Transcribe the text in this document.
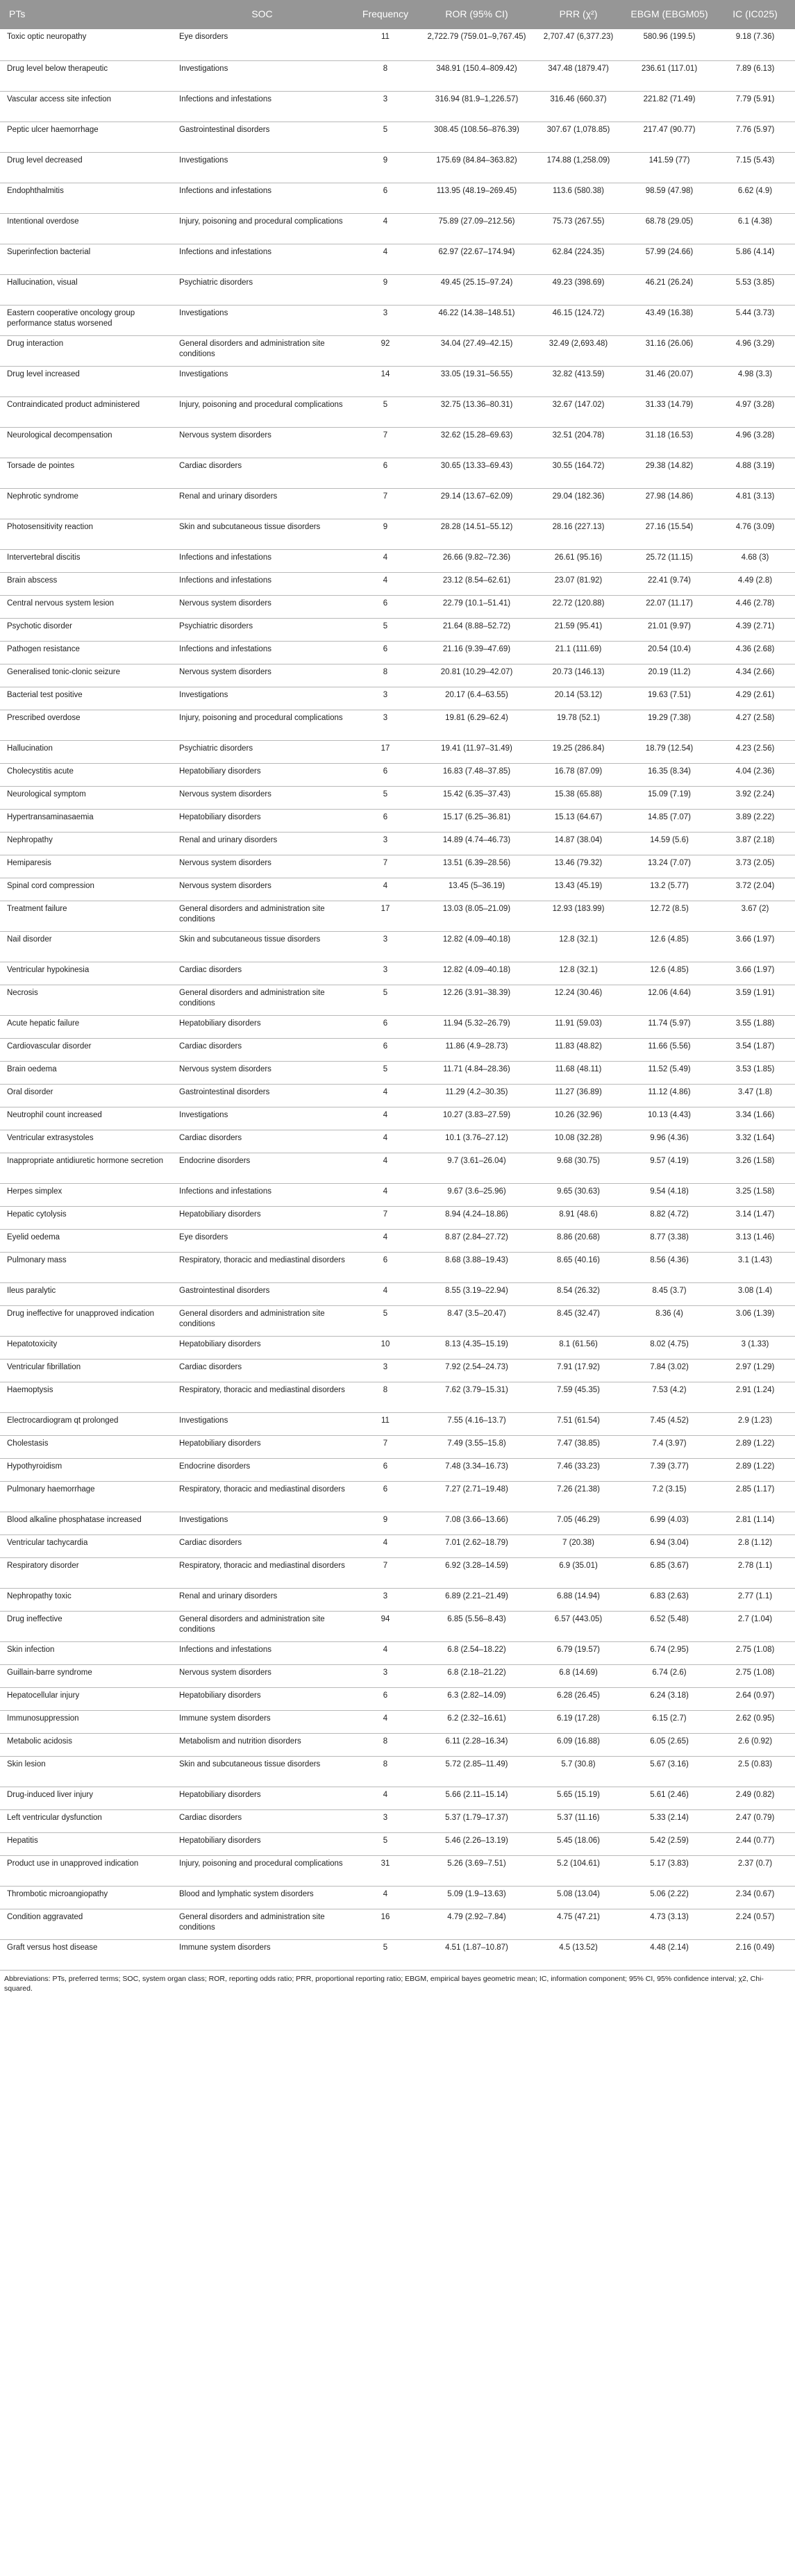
PTs	SOC	Frequency	ROR (95% CI)	PRR (χ²)	EBGM (EBGM05)	IC (IC025)
Toxic optic neuropathy	Eye disorders	11	2,722.79 (759.01–9,767.45)	2,707.47 (6,377.23)	580.96 (199.5)	9.18 (7.36)
Drug level below therapeutic	Investigations	8	348.91 (150.4–809.42)	347.48 (1879.47)	236.61 (117.01)	7.89 (6.13)
Vascular access site infection	Infections and infestations	3	316.94 (81.9–1,226.57)	316.46 (660.37)	221.82 (71.49)	7.79 (5.91)
Peptic ulcer haemorrhage	Gastrointestinal disorders	5	308.45 (108.56–876.39)	307.67 (1,078.85)	217.47 (90.77)	7.76 (5.97)
Drug level decreased	Investigations	9	175.69 (84.84–363.82)	174.88 (1,258.09)	141.59 (77)	7.15 (5.43)
Endophthalmitis	Infections and infestations	6	113.95 (48.19–269.45)	113.6 (580.38)	98.59 (47.98)	6.62 (4.9)
Intentional overdose	Injury, poisoning and procedural complications	4	75.89 (27.09–212.56)	75.73 (267.55)	68.78 (29.05)	6.1 (4.38)
Superinfection bacterial	Infections and infestations	4	62.97 (22.67–174.94)	62.84 (224.35)	57.99 (24.66)	5.86 (4.14)
Hallucination, visual	Psychiatric disorders	9	49.45 (25.15–97.24)	49.23 (398.69)	46.21 (26.24)	5.53 (3.85)
Eastern cooperative oncology group performance status worsened	Investigations	3	46.22 (14.38–148.51)	46.15 (124.72)	43.49 (16.38)	5.44 (3.73)
Drug interaction	General disorders and administration site conditions	92	34.04 (27.49–42.15)	32.49 (2,693.48)	31.16 (26.06)	4.96 (3.29)
Drug level increased	Investigations	14	33.05 (19.31–56.55)	32.82 (413.59)	31.46 (20.07)	4.98 (3.3)
Contraindicated product administered	Injury, poisoning and procedural complications	5	32.75 (13.36–80.31)	32.67 (147.02)	31.33 (14.79)	4.97 (3.28)
Neurological decompensation	Nervous system disorders	7	32.62 (15.28–69.63)	32.51 (204.78)	31.18 (16.53)	4.96 (3.28)
Torsade de pointes	Cardiac disorders	6	30.65 (13.33–69.43)	30.55 (164.72)	29.38 (14.82)	4.88 (3.19)
Nephrotic syndrome	Renal and urinary disorders	7	29.14 (13.67–62.09)	29.04 (182.36)	27.98 (14.86)	4.81 (3.13)
Photosensitivity reaction	Skin and subcutaneous tissue disorders	9	28.28 (14.51–55.12)	28.16 (227.13)	27.16 (15.54)	4.76 (3.09)
Intervertebral discitis	Infections and infestations	4	26.66 (9.82–72.36)	26.61 (95.16)	25.72 (11.15)	4.68 (3)
Brain abscess	Infections and infestations	4	23.12 (8.54–62.61)	23.07 (81.92)	22.41 (9.74)	4.49 (2.8)
Central nervous system lesion	Nervous system disorders	6	22.79 (10.1–51.41)	22.72 (120.88)	22.07 (11.17)	4.46 (2.78)
Psychotic disorder	Psychiatric disorders	5	21.64 (8.88–52.72)	21.59 (95.41)	21.01 (9.97)	4.39 (2.71)
Pathogen resistance	Infections and infestations	6	21.16 (9.39–47.69)	21.1 (111.69)	20.54 (10.4)	4.36 (2.68)
Generalised tonic-clonic seizure	Nervous system disorders	8	20.81 (10.29–42.07)	20.73 (146.13)	20.19 (11.2)	4.34 (2.66)
Bacterial test positive	Investigations	3	20.17 (6.4–63.55)	20.14 (53.12)	19.63 (7.51)	4.29 (2.61)
Prescribed overdose	Injury, poisoning and procedural complications	3	19.81 (6.29–62.4)	19.78 (52.1)	19.29 (7.38)	4.27 (2.58)
Hallucination	Psychiatric disorders	17	19.41 (11.97–31.49)	19.25 (286.84)	18.79 (12.54)	4.23 (2.56)
Cholecystitis acute	Hepatobiliary disorders	6	16.83 (7.48–37.85)	16.78 (87.09)	16.35 (8.34)	4.04 (2.36)
Neurological symptom	Nervous system disorders	5	15.42 (6.35–37.43)	15.38 (65.88)	15.09 (7.19)	3.92 (2.24)
Hypertransaminasaemia	Hepatobiliary disorders	6	15.17 (6.25–36.81)	15.13 (64.67)	14.85 (7.07)	3.89 (2.22)
Nephropathy	Renal and urinary disorders	3	14.89 (4.74–46.73)	14.87 (38.04)	14.59 (5.6)	3.87 (2.18)
Hemiparesis	Nervous system disorders	7	13.51 (6.39–28.56)	13.46 (79.32)	13.24 (7.07)	3.73 (2.05)
Spinal cord compression	Nervous system disorders	4	13.45 (5–36.19)	13.43 (45.19)	13.2 (5.77)	3.72 (2.04)
Treatment failure	General disorders and administration site conditions	17	13.03 (8.05–21.09)	12.93 (183.99)	12.72 (8.5)	3.67 (2)
Nail disorder	Skin and subcutaneous tissue disorders	3	12.82 (4.09–40.18)	12.8 (32.1)	12.6 (4.85)	3.66 (1.97)
Ventricular hypokinesia	Cardiac disorders	3	12.82 (4.09–40.18)	12.8 (32.1)	12.6 (4.85)	3.66 (1.97)
Necrosis	General disorders and administration site conditions	5	12.26 (3.91–38.39)	12.24 (30.46)	12.06 (4.64)	3.59 (1.91)
Acute hepatic failure	Hepatobiliary disorders	6	11.94 (5.32–26.79)	11.91 (59.03)	11.74 (5.97)	3.55 (1.88)
Cardiovascular disorder	Cardiac disorders	6	11.86 (4.9–28.73)	11.83 (48.82)	11.66 (5.56)	3.54 (1.87)
Brain oedema	Nervous system disorders	5	11.71 (4.84–28.36)	11.68 (48.11)	11.52 (5.49)	3.53 (1.85)
Oral disorder	Gastrointestinal disorders	4	11.29 (4.2–30.35)	11.27 (36.89)	11.12 (4.86)	3.47 (1.8)
Neutrophil count increased	Investigations	4	10.27 (3.83–27.59)	10.26 (32.96)	10.13 (4.43)	3.34 (1.66)
Ventricular extrasystoles	Cardiac disorders	4	10.1 (3.76–27.12)	10.08 (32.28)	9.96 (4.36)	3.32 (1.64)
Inappropriate antidiuretic hormone secretion	Endocrine disorders	4	9.7 (3.61–26.04)	9.68 (30.75)	9.57 (4.19)	3.26 (1.58)
Herpes simplex	Infections and infestations	4	9.67 (3.6–25.96)	9.65 (30.63)	9.54 (4.18)	3.25 (1.58)
Hepatic cytolysis	Hepatobiliary disorders	7	8.94 (4.24–18.86)	8.91 (48.6)	8.82 (4.72)	3.14 (1.47)
Eyelid oedema	Eye disorders	4	8.87 (2.84–27.72)	8.86 (20.68)	8.77 (3.38)	3.13 (1.46)
Pulmonary mass	Respiratory, thoracic and mediastinal disorders	6	8.68 (3.88–19.43)	8.65 (40.16)	8.56 (4.36)	3.1 (1.43)
Ileus paralytic	Gastrointestinal disorders	4	8.55 (3.19–22.94)	8.54 (26.32)	8.45 (3.7)	3.08 (1.4)
Drug ineffective for unapproved indication	General disorders and administration site conditions	5	8.47 (3.5–20.47)	8.45 (32.47)	8.36 (4)	3.06 (1.39)
Hepatotoxicity	Hepatobiliary disorders	10	8.13 (4.35–15.19)	8.1 (61.56)	8.02 (4.75)	3 (1.33)
Ventricular fibrillation	Cardiac disorders	3	7.92 (2.54–24.73)	7.91 (17.92)	7.84 (3.02)	2.97 (1.29)
Haemoptysis	Respiratory, thoracic and mediastinal disorders	8	7.62 (3.79–15.31)	7.59 (45.35)	7.53 (4.2)	2.91 (1.24)
Electrocardiogram qt prolonged	Investigations	11	7.55 (4.16–13.7)	7.51 (61.54)	7.45 (4.52)	2.9 (1.23)
Cholestasis	Hepatobiliary disorders	7	7.49 (3.55–15.8)	7.47 (38.85)	7.4 (3.97)	2.89 (1.22)
Hypothyroidism	Endocrine disorders	6	7.48 (3.34–16.73)	7.46 (33.23)	7.39 (3.77)	2.89 (1.22)
Pulmonary haemorrhage	Respiratory, thoracic and mediastinal disorders	6	7.27 (2.71–19.48)	7.26 (21.38)	7.2 (3.15)	2.85 (1.17)
Blood alkaline phosphatase increased	Investigations	9	7.08 (3.66–13.66)	7.05 (46.29)	6.99 (4.03)	2.81 (1.14)
Ventricular tachycardia	Cardiac disorders	4	7.01 (2.62–18.79)	7 (20.38)	6.94 (3.04)	2.8 (1.12)
Respiratory disorder	Respiratory, thoracic and mediastinal disorders	7	6.92 (3.28–14.59)	6.9 (35.01)	6.85 (3.67)	2.78 (1.1)
Nephropathy toxic	Renal and urinary disorders	3	6.89 (2.21–21.49)	6.88 (14.94)	6.83 (2.63)	2.77 (1.1)
Drug ineffective	General disorders and administration site conditions	94	6.85 (5.56–8.43)	6.57 (443.05)	6.52 (5.48)	2.7 (1.04)
Skin infection	Infections and infestations	4	6.8 (2.54–18.22)	6.79 (19.57)	6.74 (2.95)	2.75 (1.08)
Guillain-barre syndrome	Nervous system disorders	3	6.8 (2.18–21.22)	6.8 (14.69)	6.74 (2.6)	2.75 (1.08)
Hepatocellular injury	Hepatobiliary disorders	6	6.3 (2.82–14.09)	6.28 (26.45)	6.24 (3.18)	2.64 (0.97)
Immunosuppression	Immune system disorders	4	6.2 (2.32–16.61)	6.19 (17.28)	6.15 (2.7)	2.62 (0.95)
Metabolic acidosis	Metabolism and nutrition disorders	8	6.11 (2.28–16.34)	6.09 (16.88)	6.05 (2.65)	2.6 (0.92)
Skin lesion	Skin and subcutaneous tissue disorders	8	5.72 (2.85–11.49)	5.7 (30.8)	5.67 (3.16)	2.5 (0.83)
Drug-induced liver injury	Hepatobiliary disorders	4	5.66 (2.11–15.14)	5.65 (15.19)	5.61 (2.46)	2.49 (0.82)
Left ventricular dysfunction	Cardiac disorders	3	5.37 (1.79–17.37)	5.37 (11.16)	5.33 (2.14)	2.47 (0.79)
Hepatitis	Hepatobiliary disorders	5	5.46 (2.26–13.19)	5.45 (18.06)	5.42 (2.59)	2.44 (0.77)
Product use in unapproved indication	Injury, poisoning and procedural complications	31	5.26 (3.69–7.51)	5.2 (104.61)	5.17 (3.83)	2.37 (0.7)
Thrombotic microangiopathy	Blood and lymphatic system disorders	4	5.09 (1.9–13.63)	5.08 (13.04)	5.06 (2.22)	2.34 (0.67)
Condition aggravated	General disorders and administration site conditions	16	4.79 (2.92–7.84)	4.75 (47.21)	4.73 (3.13)	2.24 (0.57)
Graft versus host disease	Immune system disorders	5	4.51 (1.87–10.87)	4.5 (13.52)	4.48 (2.14)	2.16 (0.49)
Abbreviations: PTs, preferred terms; SOC, system organ class; ROR, reporting odds ratio; PRR, proportional reporting ratio; EBGM, empirical bayes geometric mean; IC, information component; 95% CI, 95% confidence interval; χ2, Chi-squared.
